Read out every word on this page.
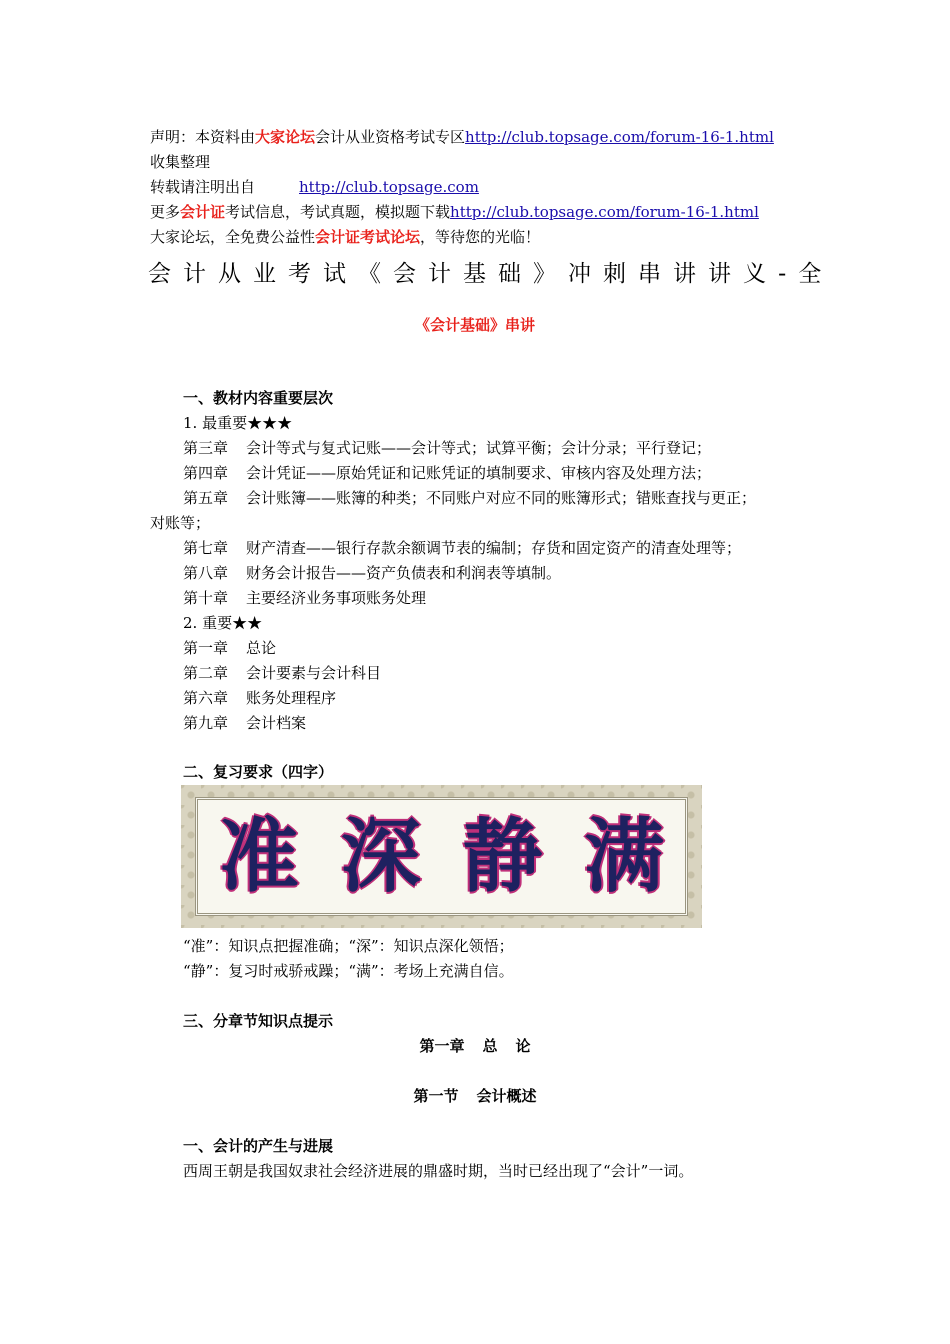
声明：本资料由大家论坛会计从业资格考试专区http://club.topsage.com/forum-16-1.html
收集整理
转载请注明出自	http://club.topsage.com
更多会计证考试信息，考试真题，模拟题下载http://club.topsage.com/forum-16-1.html
大家论坛，全免费公益性会计证考试论坛，等待您的光临！
会计从业考试《会计基础》冲刺串讲讲义-全
《会计基础》串讲
一、教材内容重要层次
1. 最重要★★★
第三章 会计等式与复式记账——会计等式；试算平衡；会计分录；平行登记；
第四章 会计凭证——原始凭证和记账凭证的填制要求、审核内容及处理方法；
第五章 会计账簿——账簿的种类；不同账户对应不同的账簿形式；错账查找与更正；
对账等；
第七章 财产清查——银行存款余额调节表的编制；存货和固定资产的清查处理等；
第八章 财务会计报告——资产负债表和利润表等填制。
第十章 主要经济业务事项账务处理
2. 重要★★
第一章 总论
第二章 会计要素与会计科目
第六章 账务处理程序
第九章 会计档案
二、复习要求（四字）
准 深 静 满
“准”：知识点把握准确；“深”：知识点深化领悟；
“静”：复习时戒骄戒躁；“满”：考场上充满自信。
三、分章节知识点提示
第一章 总 论
第一节 会计概述
一、会计的产生与进展
西周王朝是我国奴隶社会经济进展的鼎盛时期，当时已经出现了“会计”一词。
